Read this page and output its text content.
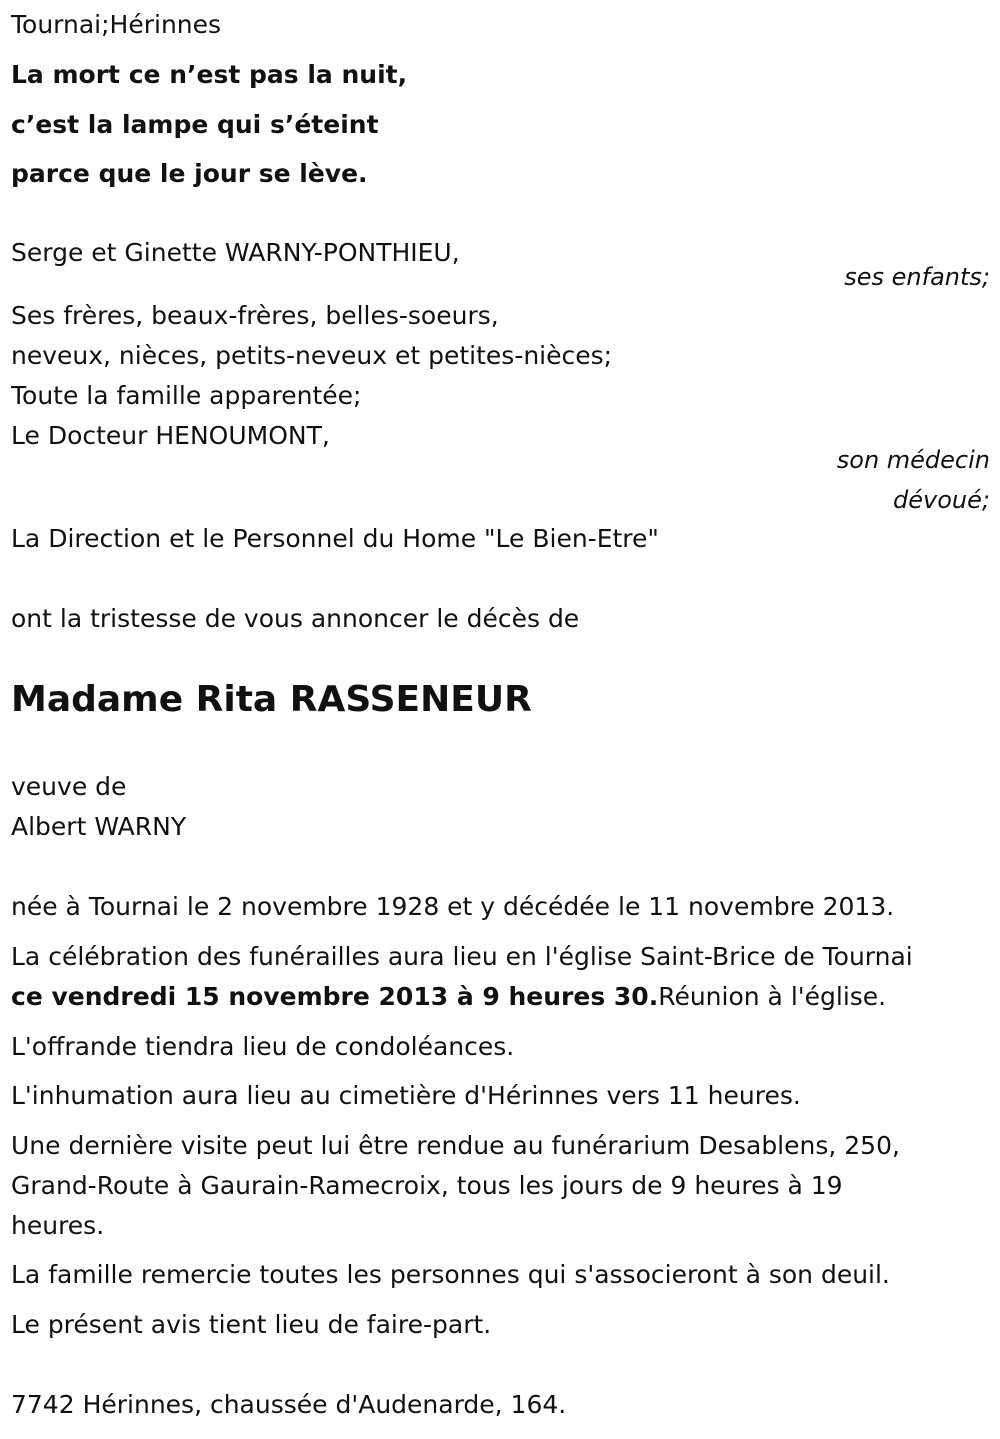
Tournai;Hérinnes

La mort ce n’est pas la nuit,

c’est la lampe qui s’éteint

parce que le jour se lève.

Serge et Ginette WARNY-PONTHIEU,

ses enfants;

Ses frères, beaux-frères, belles-soeurs,

neveux, nièces, petits-neveux et petites-nièces;

Toute la famille apparentée;

Le Docteur HENOUMONT,

son médecin

dévoué;

La Direction et le Personnel du Home "Le Bien-Etre"

ont la tristesse de vous annoncer le décès de

Madame Rita RASSENEUR

veuve de

Albert WARNY

née à Tournai le 2 novembre 1928 et y décédée le 11 novembre 2013.

La célébration des funérailles aura lieu en l'église Saint-Brice de Tournai

ce vendredi 15 novembre 2013 à 9 heures 30.Réunion à l'église.

L'offrande tiendra lieu de condoléances.

L'inhumation aura lieu au cimetière d'Hérinnes vers 11 heures.

Une dernière visite peut lui être rendue au funérarium Desablens, 250,

Grand-Route à Gaurain-Ramecroix, tous les jours de 9 heures à 19

heures.

La famille remercie toutes les personnes qui s'associeront à son deuil.

Le présent avis tient lieu de faire-part.

7742 Hérinnes, chaussée d'Audenarde, 164.
